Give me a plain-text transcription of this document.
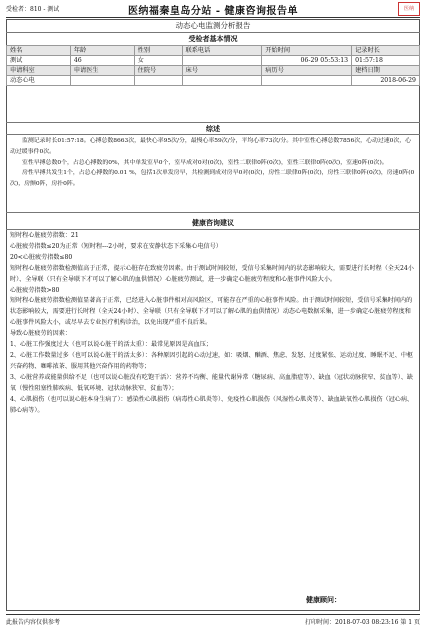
受检者：810 - 测试	医纳福秦皇岛分站 - 健康咨询报告单	医纳
动态心电监测分析报告
受检者基本情况
姓名	年龄	性别	联系电话	开始时间	记录时长
测试	46	女		06-29 05:53:13	01:57:18
申请科室	申请医生	住院号	床号	病历号	建档日期
动态心电					2018-06-29
综述

监测记录时长01:57:18。心搏总数8663次，最快心率95次/分，最慢心率59次/分，平均心率73次/分。其中室性心搏总数7856次，心动过速0次，心动过缓事件0次。

室性早搏总数0个，占总心搏数的0%，其中单发室早0个，室早成对0对(0次)，室性二联律0阵(0次)，室性三联律0阵(0次)，室速0阵(0次)。

房性早搏共发生1个，占总心搏数的0.01 %，包括1次单发房早，共检测到成对房早0对(0次)，房性二联律0阵(0次)，房性三联律0阵(0次)，房速0阵(0次)，房颤0阵，房扑0阵。

健康咨询建议

短时程心脏疲劳指数：21

心脏疲劳指数≤20为正常（短时程---2小时，要求在安静状态下采集心电信号）

20<心脏疲劳指数≤80

短时程心脏疲劳指数检测值高于正常，提示心脏存在致疲劳因素。由于测试时间较短，受信号采集时间内的状态影响较大，需要进行长时程（全天24小时）、全导联（只有全导联下才可以了解心肌的血供情况）心脏疲劳测试，进一步确定心脏疲劳程度和心脏事件风险大小。

心脏疲劳指数>80

短时程心脏疲劳指数检测值显著高于正常，已经进入心脏事件相对高风险区，可能存在严重的心脏事件风险。由于测试时间较短，受信号采集时间内的状态影响较大，需要进行长时程（全天24小时）、全导联（只有全导联下才可以了解心肌的血供情况）动态心电数据采集，进一步确定心脏疲劳程度和心脏事件风险大小，或尽早去专业医疗机构诊治，以免出现严重不良后果。

导致心脏疲劳的因素：

1、心脏工作强度过大（也可以说心脏干的活太重）：最常见原因是高血压；

2、心脏工作数量过多（也可以说心脏干的活太多）：各种原因引起的心动过速，如：吸烟、酗酒、焦虑、发怒、过度紧张、运动过度、睡眠不足、中枢兴奋药物、咖啡浓茶、服用其他兴奋作用的药物等；

3、心脏营养或能量供给不足（也可以说心脏没有吃饱干活）：营养不均衡、能量代谢异常（糖尿病、高血脂症等）、缺血（冠状动脉狭窄、贫血等）、缺氧（慢性阻塞性肺疾病、低氧环境、冠状动脉狭窄、贫血等）；

4、心肌损伤（也可以说心脏本身生病了）：感染性心肌损伤（病毒性心肌炎等）、免疫性心肌损伤（风湿性心肌炎等）、缺血缺氧性心肌损伤（冠心病、肺心病等）。

健康顾问：
此报告内容仅供参考	打印时间：2018-07-03 08:23:16 第 1 页
